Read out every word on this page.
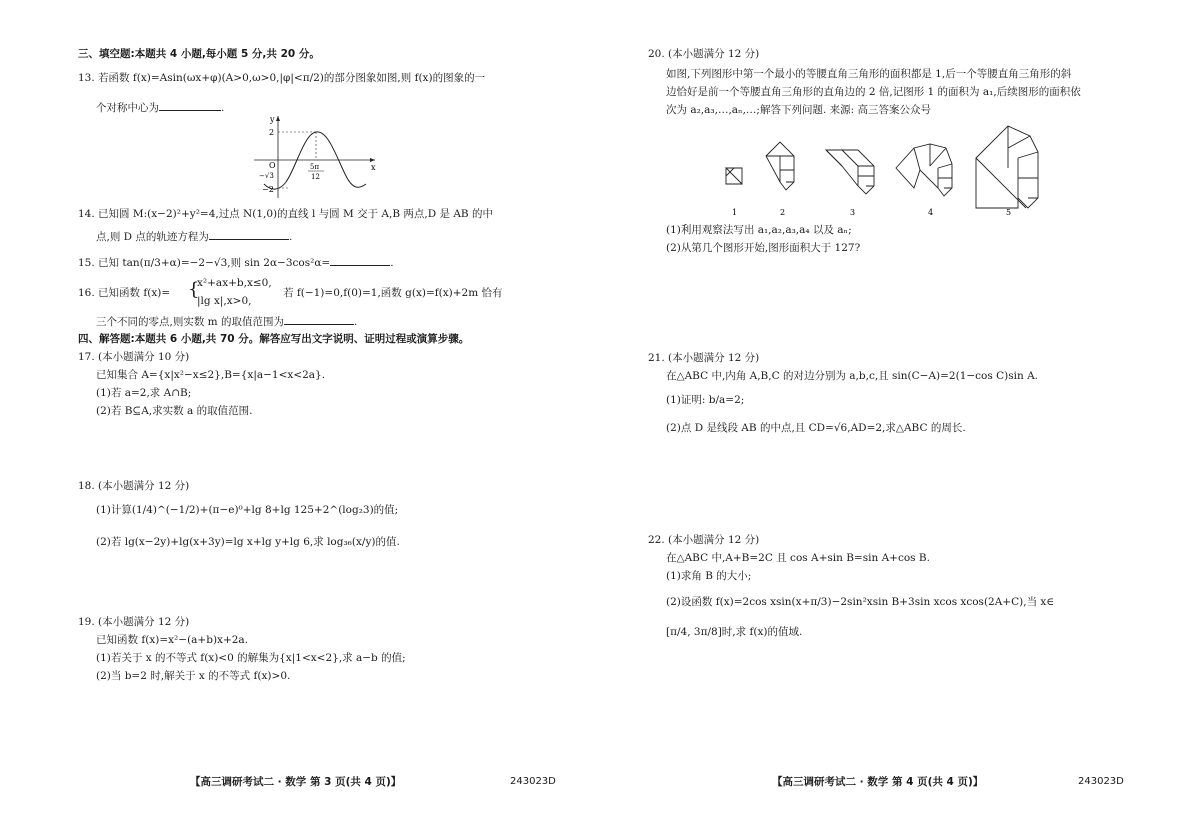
三、填空题:本题共 4 小题,每小题 5 分,共 20 分。
13. 若函数 f(x)=Asin(ωx+φ)(A>0,ω>0,|φ|<π/2)的部分图象如图,则 f(x)的图象的一
个对称中心为	.
y
x
O
2
−2
−√3
5π
12
14. 已知圆 M:(x−2)²+y²=4,过点 N(1,0)的直线 l 与圆 M 交于 A,B 两点,D 是 AB 的中
点,则 D 点的轨迹方程为	.
15. 已知 tan(π/3+α)=−2−√3,则 sin 2α−3cos²α=	.
16. 已知函数 f(x)= {
x²+ax+b,x≤0,
|lg x|,x>0,
若 f(−1)=0,f(0)=1,函数 g(x)=f(x)+2m 恰有
三个不同的零点,则实数 m 的取值范围为	.
四、解答题:本题共 6 小题,共 70 分。解答应写出文字说明、证明过程或演算步骤。
17. (本小题满分 10 分)
已知集合 A={x|x²−x≤2},B={x|a−1<x<2a}.
(1)若 a=2,求 A∩B;
(2)若 B⊆A,求实数 a 的取值范围.
18. (本小题满分 12 分)
(1)计算(1/4)^(−1/2)+(π−e)⁰+lg 8+lg 125+2^(log₂3)的值;
(2)若 lg(x−2y)+lg(x+3y)=lg x+lg y+lg 6,求 log₃₆(x/y)的值.
19. (本小题满分 12 分)
已知函数 f(x)=x²−(a+b)x+2a.
(1)若关于 x 的不等式 f(x)<0 的解集为{x|1<x<2},求 a−b 的值;
(2)当 b=2 时,解关于 x 的不等式 f(x)>0.
【高三调研考试二 · 数学 第 3 页(共 4 页)】	243023D
20. (本小题满分 12 分)
如图,下列图形中第一个最小的等腰直角三角形的面积都是 1,后一个等腰直角三角形的斜
边恰好是前一个等腰直角三角形的直角边的 2 倍,记图形 1 的面积为 a₁,后续图形的面积依
次为 a₂,a₃,…,aₙ,…;解答下列问题. 来源: 高三答案公众号
1	2	3	4	5
(1)利用观察法写出 a₁,a₂,a₃,a₄ 以及 aₙ;
(2)从第几个图形开始,图形面积大于 127?
21. (本小题满分 12 分)
在△ABC 中,内角 A,B,C 的对边分别为 a,b,c,且 sin(C−A)=2(1−cos C)sin A.
(1)证明: b/a=2;
(2)点 D 是线段 AB 的中点,且 CD=√6,AD=2,求△ABC 的周长.
22. (本小题满分 12 分)
在△ABC 中,A+B=2C 且 cos A+sin B=sin A+cos B.
(1)求角 B 的大小;
(2)设函数 f(x)=2cos xsin(x+π/3)−2sin²xsin B+3sin xcos xcos(2A+C),当 x∈
[π/4, 3π/8]时,求 f(x)的值域.
【高三调研考试二 · 数学 第 4 页(共 4 页)】	243023D
